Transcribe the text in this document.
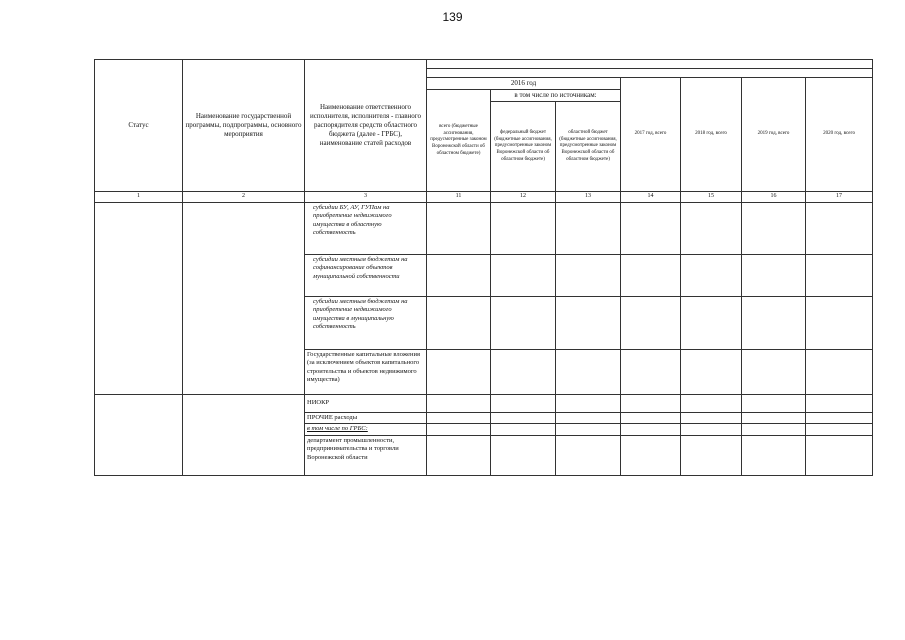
139
Статус	Наименование государственной программы, подпрограммы, основного мероприятия	Наименование ответственного исполнителя, исполнителя - главного распорядителя средств областного бюджета (далее - ГРБС), наименование статей расходов							

			2016 год			2017 год, всего	2018 год, всего	2019 год, всего	2020 год, всего
			всего (бюджетные ассигнования, предусмотренные законом Воронежской области об областном бюджете)	в том числе по источникам:					
				федеральный бюджет (бюджетные ассигнования, предусмотренные законом Воронежской области об областном бюджете)	областной бюджет (бюджетные ассигнования, предусмотренные законом Воронежской области об областном бюджете)				
1	2	3	11	12	13	14	15	16	17
		субсидии БУ, АУ, ГУПам на приобретение недвижимого имущества в областную собственность							
		субсидии местным бюджетам на софинансирование объектов муниципальной собственности							
		субсидии местным бюджетам на приобретение недвижимого имущества в муниципальную собственность							
		Государственные капитальные вложения (за исключением объектов капитального строительства и объектов недвижимого имущества)							
		НИОКР							
		ПРОЧИЕ расходы							
		в том числе по ГРБС:							
		департамент промышленности, предпринимательства и торговли Воронежской области							
